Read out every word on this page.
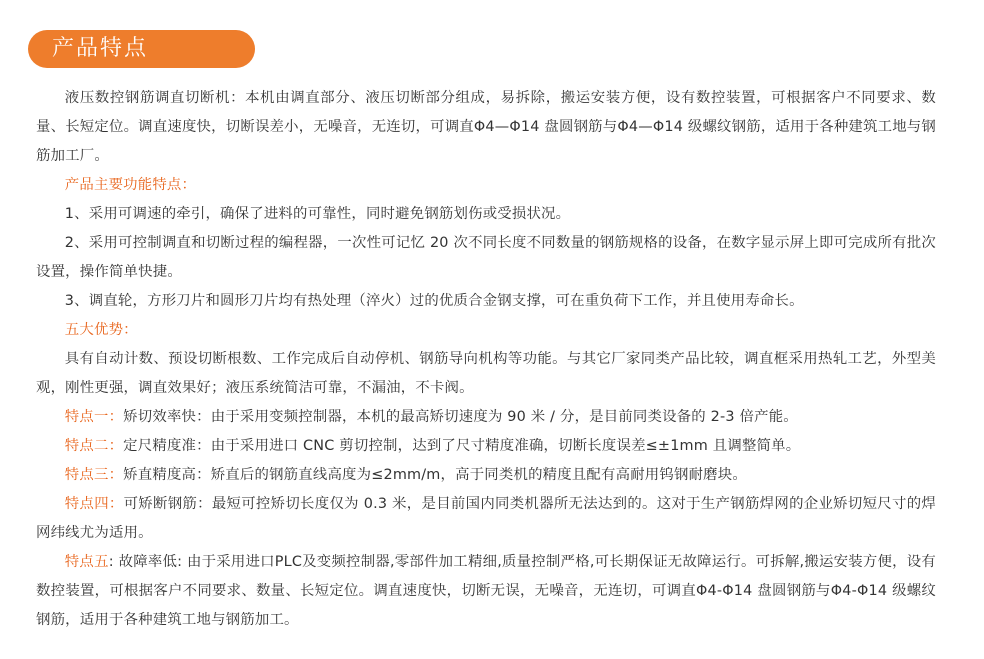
产品特点

液压数控钢筋调直切断机：本机由调直部分、液压切断部分组成，易拆除，搬运安装方便，设有数控装置，可根据客户不同要求、数量、长短定位。调直速度快，切断误差小，无噪音，无连切，可调直Φ4—Φ14 盘圆钢筋与Φ4—Φ14 级螺纹钢筋，适用于各种建筑工地与钢筋加工厂。

产品主要功能特点：

1、采用可调速的牵引，确保了进料的可靠性，同时避免钢筋划伤或受损状况。

2、采用可控制调直和切断过程的编程器，一次性可记忆 20 次不同长度不同数量的钢筋规格的设备，在数字显示屏上即可完成所有批次设置，操作简单快捷。

3、调直轮，方形刀片和圆形刀片均有热处理（淬火）过的优质合金钢支撑，可在重负荷下工作，并且使用寿命长。

五大优势：

具有自动计数、预设切断根数、工作完成后自动停机、钢筋导向机构等功能。与其它厂家同类产品比较，调直框采用热轧工艺，外型美观，刚性更强，调直效果好；液压系统简洁可靠，不漏油，不卡阀。

特点一：矫切效率快：由于采用变频控制器，本机的最高矫切速度为 90 米 / 分，是目前同类设备的 2-3 倍产能。

特点二：定尺精度准：由于采用进口 CNC 剪切控制，达到了尺寸精度准确，切断长度误差≤±1mm 且调整简单。

特点三：矫直精度高：矫直后的钢筋直线高度为≤2mm/m，高于同类机的精度且配有高耐用钨钢耐磨块。

特点四：可矫断钢筋：最短可控矫切长度仅为 0.3 米，是目前国内同类机器所无法达到的。这对于生产钢筋焊网的企业矫切短尺寸的焊网纬线尤为适用。

特点五: 故障率低: 由于采用进口PLC及变频控制器,零部件加工精细,质量控制严格,可长期保证无故障运行。可拆解,搬运安装方便，设有数控装置，可根据客户不同要求、数量、长短定位。调直速度快，切断无误，无噪音，无连切，可调直Φ4-Φ14 盘圆钢筋与Φ4-Φ14 级螺纹钢筋，适用于各种建筑工地与钢筋加工。
